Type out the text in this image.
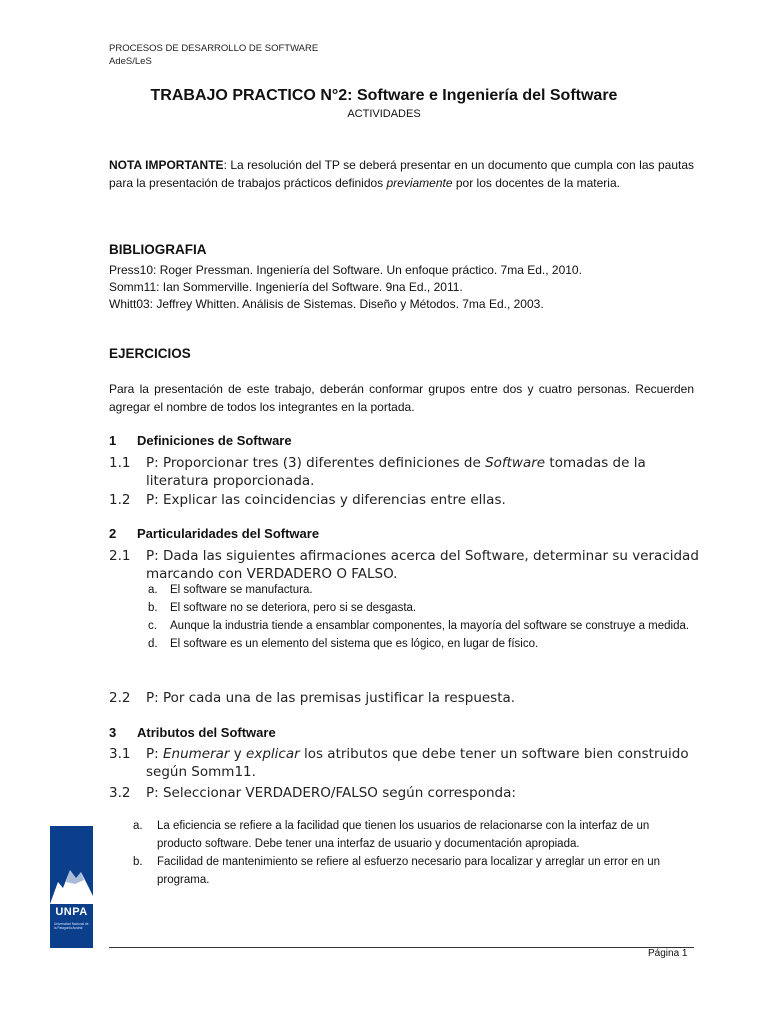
PROCESOS DE DESARROLLO DE SOFTWARE
AdeS/LeS
TRABAJO PRACTICO N°2: Software e Ingeniería del Software
ACTIVIDADES
NOTA IMPORTANTE: La resolución del TP se deberá presentar en un documento que cumpla con las pautas para la presentación de trabajos prácticos definidos previamente por los docentes de la materia.
BIBLIOGRAFIA
Press10: Roger Pressman. Ingeniería del Software. Un enfoque práctico. 7ma Ed., 2010.
Somm11: Ian Sommerville. Ingeniería del Software. 9na Ed., 2011.
Whitt03: Jeffrey Whitten. Análisis de Sistemas. Diseño y Métodos. 7ma Ed., 2003.
EJERCICIOS
Para la presentación de este trabajo, deberán conformar grupos entre dos y cuatro personas. Recuerden agregar el nombre de todos los integrantes en la portada.
1 Definiciones de Software
1.1 P: Proporcionar tres (3) diferentes definiciones de Software tomadas de la literatura proporcionada.
1.2 P: Explicar las coincidencias y diferencias entre ellas.
2 Particularidades del Software
2.1 P: Dada las siguientes afirmaciones acerca del Software, determinar su veracidad marcando con VERDADERO O FALSO.
a. El software se manufactura.
b. El software no se deteriora, pero si se desgasta.
c. Aunque la industria tiende a ensamblar componentes, la mayoría del software se construye a medida.
d. El software es un elemento del sistema que es lógico, en lugar de físico.
2.2 P: Por cada una de las premisas justificar la respuesta.
3 Atributos del Software
3.1 P: Enumerar y explicar los atributos que debe tener un software bien construido según Somm11.
3.2 P: Seleccionar VERDADERO/FALSO según corresponda:
a. La eficiencia se refiere a la facilidad que tienen los usuarios de relacionarse con la interfaz de un producto software. Debe tener una interfaz de usuario y documentación apropiada.
b. Facilidad de mantenimiento se refiere al esfuerzo necesario para localizar y arreglar un error en un programa.
UNPA
Universidad Nacional de la Patagonia Austral
Página 1
